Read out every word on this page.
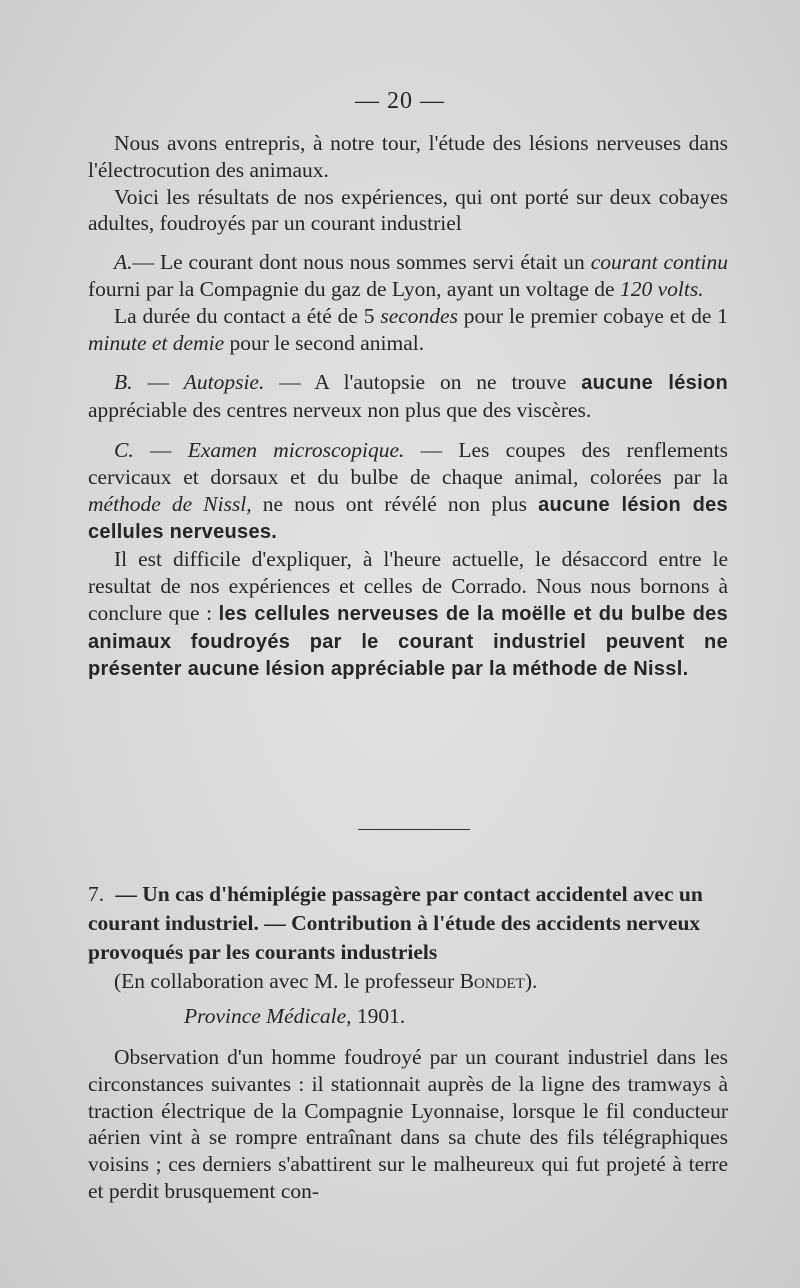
— 20 —

Nous avons entrepris, à notre tour, l'étude des lésions nerveuses dans l'électrocution des animaux.

Voici les résultats de nos expériences, qui ont porté sur deux cobayes adultes, foudroyés par un courant industriel

A.— Le courant dont nous nous sommes servi était un courant continu fourni par la Compagnie du gaz de Lyon, ayant un voltage de 120 volts.

La durée du contact a été de 5 secondes pour le premier cobaye et de 1 minute et demie pour le second animal.

B. — Autopsie. — A l'autopsie on ne trouve aucune lésion appréciable des centres nerveux non plus que des viscères.

C. — Examen microscopique. — Les coupes des renflements cervicaux et dorsaux et du bulbe de chaque animal, colorées par la méthode de Nissl, ne nous ont révélé non plus aucune lésion des cellules nerveuses.

Il est difficile d'expliquer, à l'heure actuelle, le désaccord entre le resultat de nos expériences et celles de Corrado. Nous nous bornons à conclure que : les cellules nerveuses de la moëlle et du bulbe des animaux foudroyés par le courant industriel peuvent ne présenter aucune lésion appréciable par la méthode de Nissl.

7. — Un cas d'hémiplégie passagère par contact accidentel avec un courant industriel. — Contribution à l'étude des accidents nerveux provoqués par les courants industriels
(En collaboration avec M. le professeur Bondet).
Province Médicale, 1901.

Observation d'un homme foudroyé par un courant industriel dans les circonstances suivantes : il stationnait auprès de la ligne des tramways à traction électrique de la Compagnie Lyonnaise, lorsque le fil conducteur aérien vint à se rompre entraînant dans sa chute des fils télégraphiques voisins ; ces derniers s'abattirent sur le malheureux qui fut projeté à terre et perdit brusquement con-
